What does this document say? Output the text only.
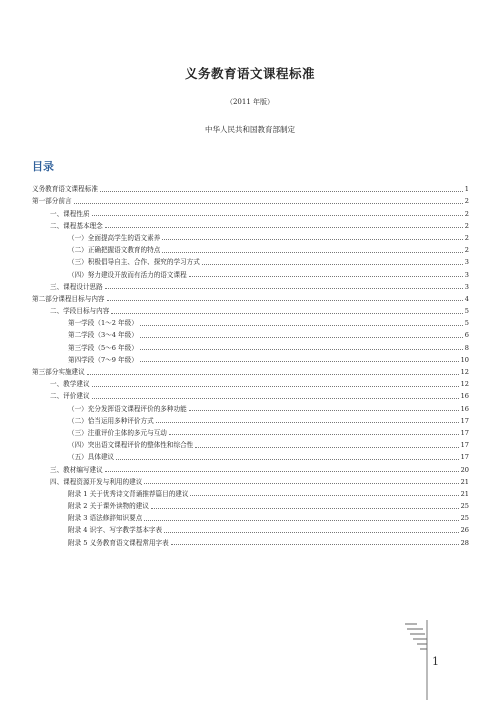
义务教育语文课程标准
（2011 年版）
中华人民共和国教育部制定
目录
义务教育语文课程标准	1
第一部分前言	2
一、课程性质	2
二、课程基本理念	2
（一）全面提高学生的语文素养	2
（二）正确把握语文教育的特点	2
（三）积极倡导自主、合作、探究的学习方式	3
（四）努力建设开放而有活力的语文课程	3
三、课程设计思路	3
第二部分课程目标与内容	4
二、学段目标与内容	5
第一学段（1～2 年级）	5
第二学段（3～4 年级）	6
第三学段（5～6 年级）	8
第四学段（7～9 年级）	10
第三部分实施建议	12
一、教学建议	12
二、评价建议	16
（一）充分发挥语文课程评价的多种功能	16
（二）恰当运用多种评价方式	17
（三）注重评价主体的多元与互动	17
（四）突出语文课程评价的整体性和综合性	17
（五）具体建议	17
三、教材编写建议	20
四、课程资源开发与利用的建议	21
附录 1 关于优秀诗文背诵推荐篇目的建议	21
附录 2 关于课外读物的建议	25
附录 3 语法修辞知识要点	25
附录 4 识字、写字教学基本字表	26
附录 5 义务教育语文课程常用字表	28
1
